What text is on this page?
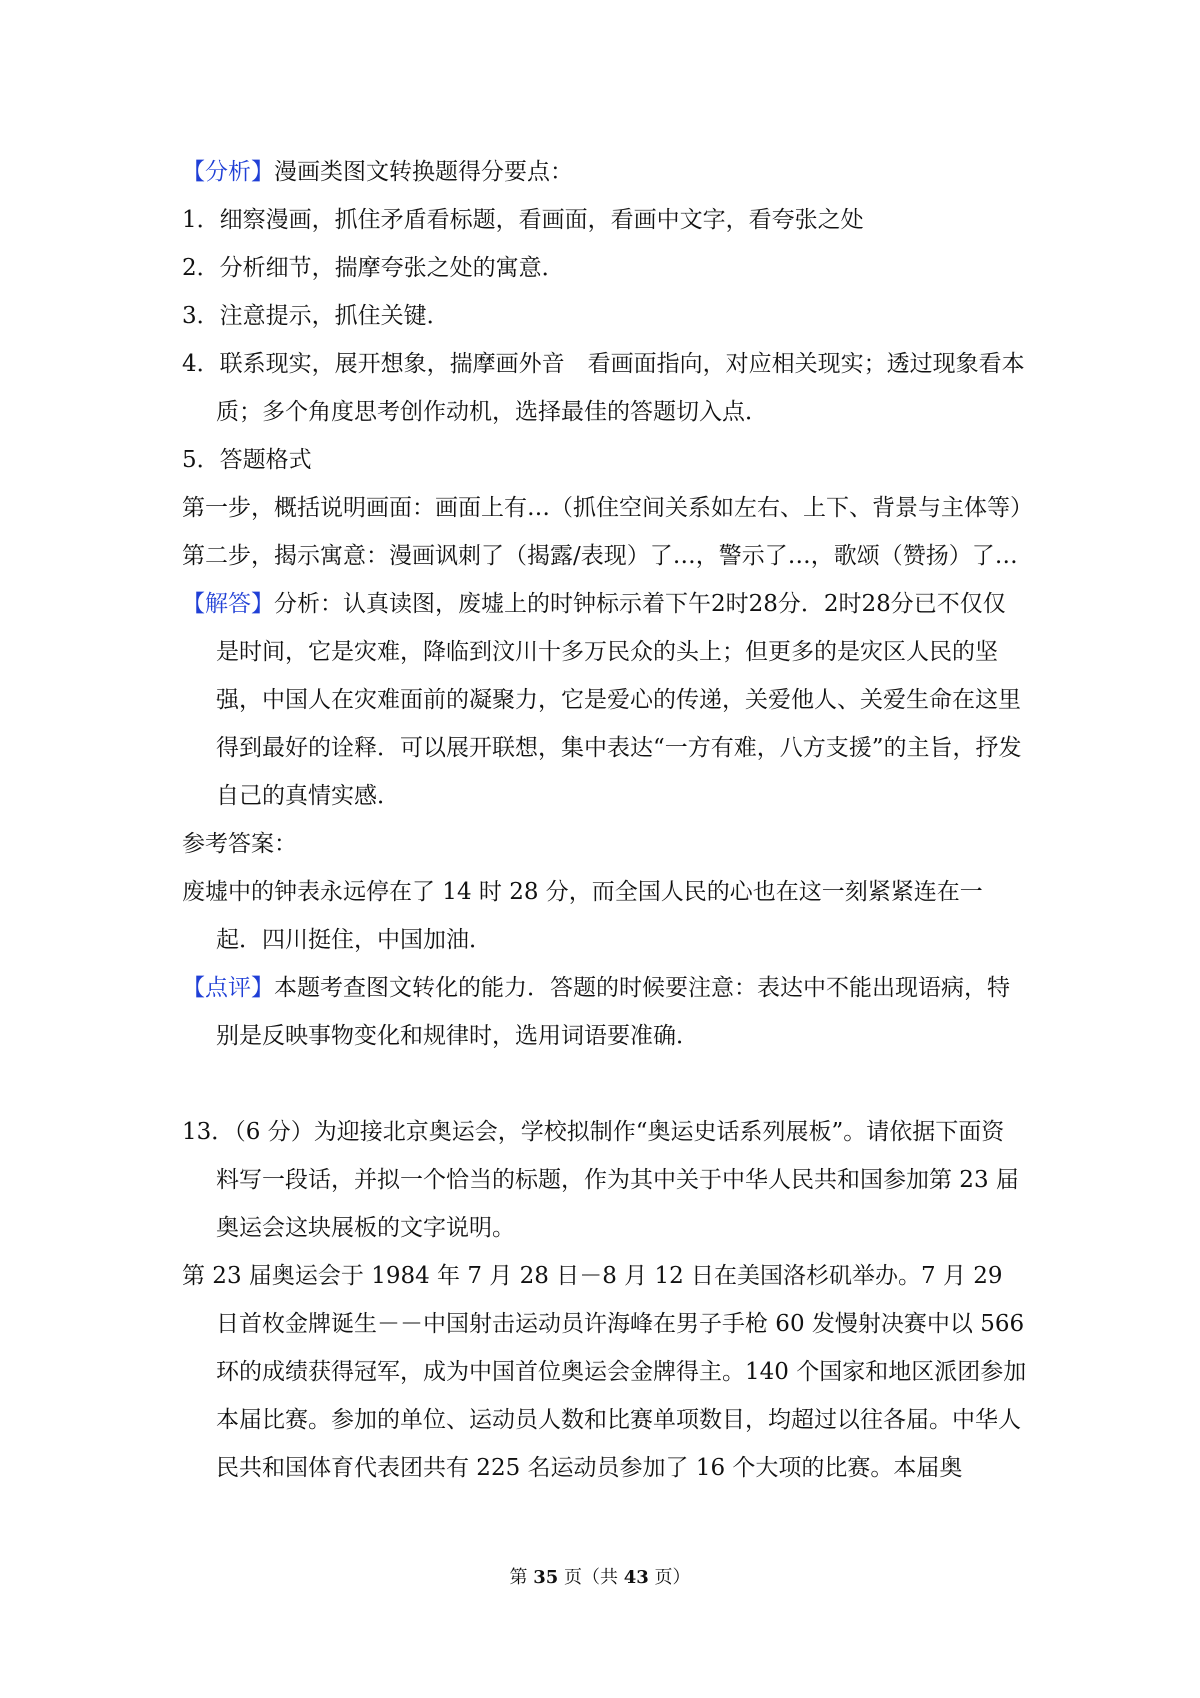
【分析】漫画类图文转换题得分要点：

1．细察漫画，抓住矛盾看标题，看画面，看画中文字，看夸张之处

2．分析细节，揣摩夸张之处的寓意．

3．注意提示，抓住关键．

4．联系现实，展开想象，揣摩画外音　看画面指向，对应相关现实；透过现象看本质；多个角度思考创作动机，选择最佳的答题切入点．

5．答题格式

第一步，概括说明画面：画面上有…（抓住空间关系如左右、上下、背景与主体等）

第二步，揭示寓意：漫画讽刺了（揭露/表现）了…，警示了…，歌颂（赞扬）了…

【解答】分析：认真读图，废墟上的时钟标示着下午2时28分．2时28分已不仅仅是时间，它是灾难，降临到汶川十多万民众的头上；但更多的是灾区人民的坚强，中国人在灾难面前的凝聚力，它是爱心的传递，关爱他人、关爱生命在这里得到最好的诠释．可以展开联想，集中表达“一方有难，八方支援”的主旨，抒发自己的真情实感．

参考答案：

废墟中的钟表永远停在了 14 时 28 分，而全国人民的心也在这一刻紧紧连在一起．四川挺住，中国加油．

【点评】本题考查图文转化的能力．答题的时候要注意：表达中不能出现语病，特别是反映事物变化和规律时，选用词语要准确．

13．（6 分）为迎接北京奥运会，学校拟制作“奥运史话系列展板”。请依据下面资料写一段话，并拟一个恰当的标题，作为其中关于中华人民共和国参加第 23 届奥运会这块展板的文字说明。

第 23 届奥运会于 1984 年 7 月 28 日－8 月 12 日在美国洛杉矶举办。7 月 29 日首枚金牌诞生－－中国射击运动员许海峰在男子手枪 60 发慢射决赛中以 566 环的成绩获得冠军，成为中国首位奥运会金牌得主。140 个国家和地区派团参加本届比赛。参加的单位、运动员人数和比赛单项数目，均超过以往各届。中华人民共和国体育代表团共有 225 名运动员参加了 16 个大项的比赛。本届奥

第 35 页（共 43 页）
